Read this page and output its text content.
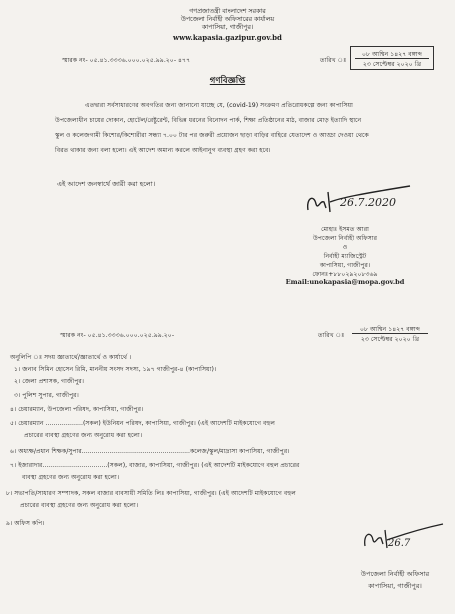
গণপ্রজাতন্ত্রী বাংলাদেশ সরকার
উপজেলা নির্বাহী অফিসারের কার্যালয়
কাপাসিয়া, গাজীপুর।
www.kapasia.gazipur.gov.bd
স্মারক নং- ০৫.৪১.৩৩৩৬.০০০.০২৫.৯৯.২০- ৪৭৭	তারিখ ঃ
০৮ আশ্বিন ১৪২৭ বঙ্গাব্দ
২৩ সেপ্টেম্বর ২০২০ খ্রি
গণবিজ্ঞপ্তি
এতদ্বারা সর্বসাধারণের অবগতির জন্য জানানো যাচ্ছে যে, (covid-19) সংক্রমণ প্রতিরোধকল্পে জন্য কাপাসিয়া
উপজেলাধীন চায়ের দোকান, হোটেল/রেষ্টুরেন্ট, বিভিন্ন ধরনের বিনোদন পার্ক, শিক্ষা প্রতিষ্ঠানের মাঠ, বাজার মোড় ইত্যাদি স্থানে
স্কুল ও কলেজগামী কিশোর/কিশোরীরা সন্ধ্যা ৭.০০ টার পর জরুরী প্রয়োজন ছাড়া বাড়ির বাহিরে যেতাদেশ ও আড্ডা দেওয়া থেকে
বিরত থাকার জন্য বলা হলো। এই আদেশ অমান্য করলে আইনানুগ ব্যবস্থা গ্রহণ করা হবে।
এই আদেশ জনস্বার্থে জারী করা হলো।
26.7.2020
মোহাঃ ইসমত আরা
উপজেলা নির্বাহী অফিসার
ও
নির্বাহী ম্যাজিস্ট্রেট
কাপাসিয়া, গাজীপুর।
ফোনঃ+৮৮০২৯২০৮৩৬৯
Email:unokapasia@mopa.gov.bd
স্মারক নং- ০৫.৪১.৩৩৩৬.০০০.০২৫.৯৯.২০-	তারিখ ঃ
০৮ আশ্বিন ১৪২৭ বঙ্গাব্দ
২৩ সেপ্টেম্বর ২০২০ খ্রি
অনুলিপি ঃ সদয় জ্ঞাতার্থে/জ্ঞাতার্থে ও কার্যার্থে ।
১। জনাব সিমিন হোসেন রিমি, মাননীয় সংসদ সদস্য, ১৯৭ গাজীপুর-৪ (কাপাসিয়া)।
২। জেলা প্রশাসক, গাজীপুর।
৩। পুলিশ সুপার, গাজীপুর।
৪। চেয়ারম্যান, উপজেলা পরিষদ, কাপাসিয়া, গাজীপুর।
৫। চেয়ারম্যান ...................(সকল) ইউনিয়ন পরিষদ, কাপাসিয়া, গাজীপুর। (এই আদেশটি মাইকযোগে বহুল
প্রচারের ব্যবস্থা গ্রহণের জন্য অনুরোধ করা হলো।
৬। অধ্যক্ষ/প্রধান শিক্ষক/সুপার.......................................................কলেজ/স্কুল/মাদ্রাসা কাপাসিয়া, গাজীপুর।
৭। ইজারাদার.................................(সকল), বাজার, কাপাসিয়া, গাজীপুর। (এই আদেশটি মাইকযোগে বহুল প্রচারের
ব্যবস্থা গ্রহণের জন্য অনুরোধ করা হলো।
৮। সভাপতি/সাধারণ সম্পাদক, সকল বাজার ব্যবসায়ী সমিতি লিঃ কাপাসিয়া, গাজীপুর। (এই আদেশটি মাইকযোগে বহুল
প্রচারের ব্যবস্থা গ্রহণের জন্য অনুরোধ করা হলো।
৯। অফিস কপি।
26.7
উপজেলা নির্বাহী অফিসার
কাপাসিয়া, গাজীপুর।
